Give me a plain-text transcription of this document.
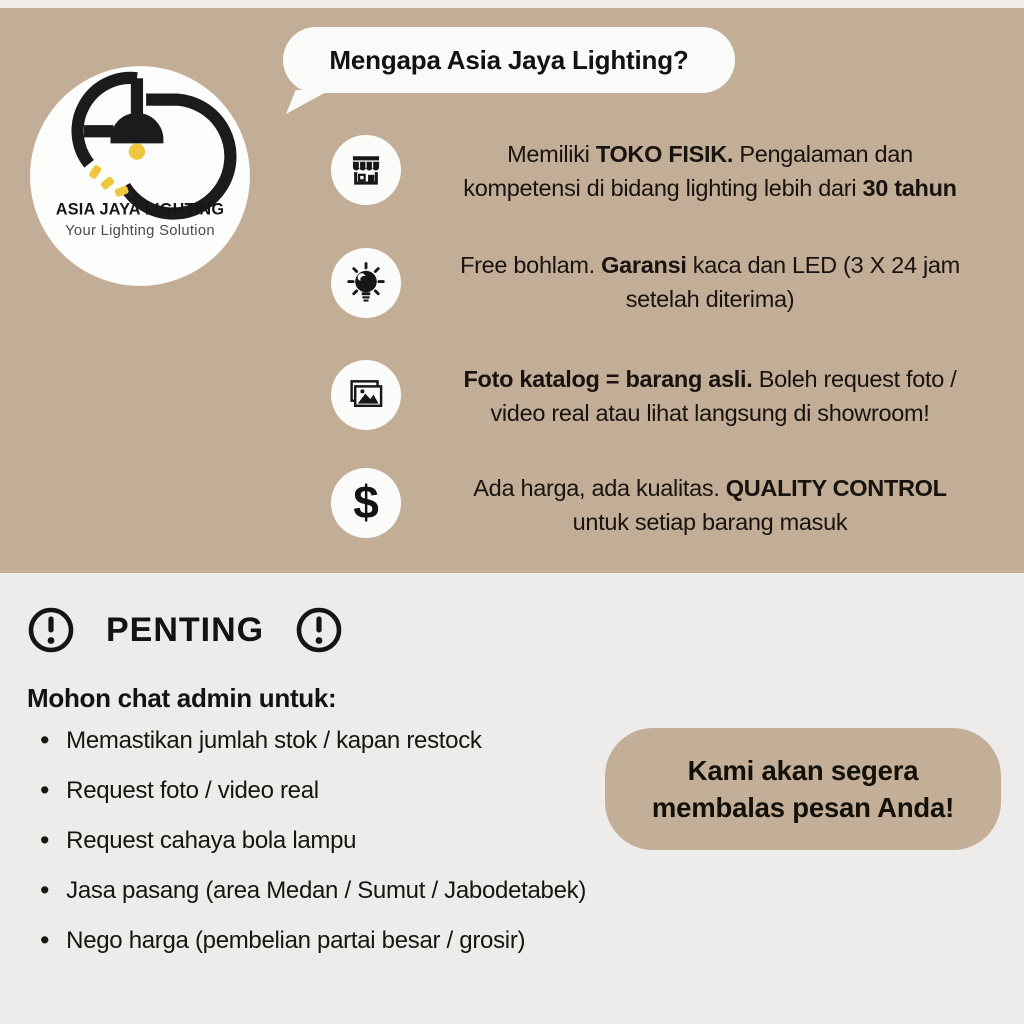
ASIA JAYA LIGHTING
Your Lighting Solution
Mengapa Asia Jaya Lighting?
Memiliki TOKO FISIK. Pengalaman dan
kompetensi di bidang lighting lebih dari 30 tahun
Free bohlam. Garansi kaca dan LED (3 X 24 jam
setelah diterima)
Foto katalog = barang asli. Boleh request foto /
video real atau lihat langsung di showroom!
$	Ada harga, ada kualitas. QUALITY CONTROL
untuk setiap barang masuk
PENTING
Mohon chat admin untuk:
• Memastikan jumlah stok / kapan restock
• Request foto / video real
• Request cahaya bola lampu
• Jasa pasang (area Medan / Sumut / Jabodetabek)
• Nego harga (pembelian partai besar / grosir)
Kami akan segera
membalas pesan Anda!
